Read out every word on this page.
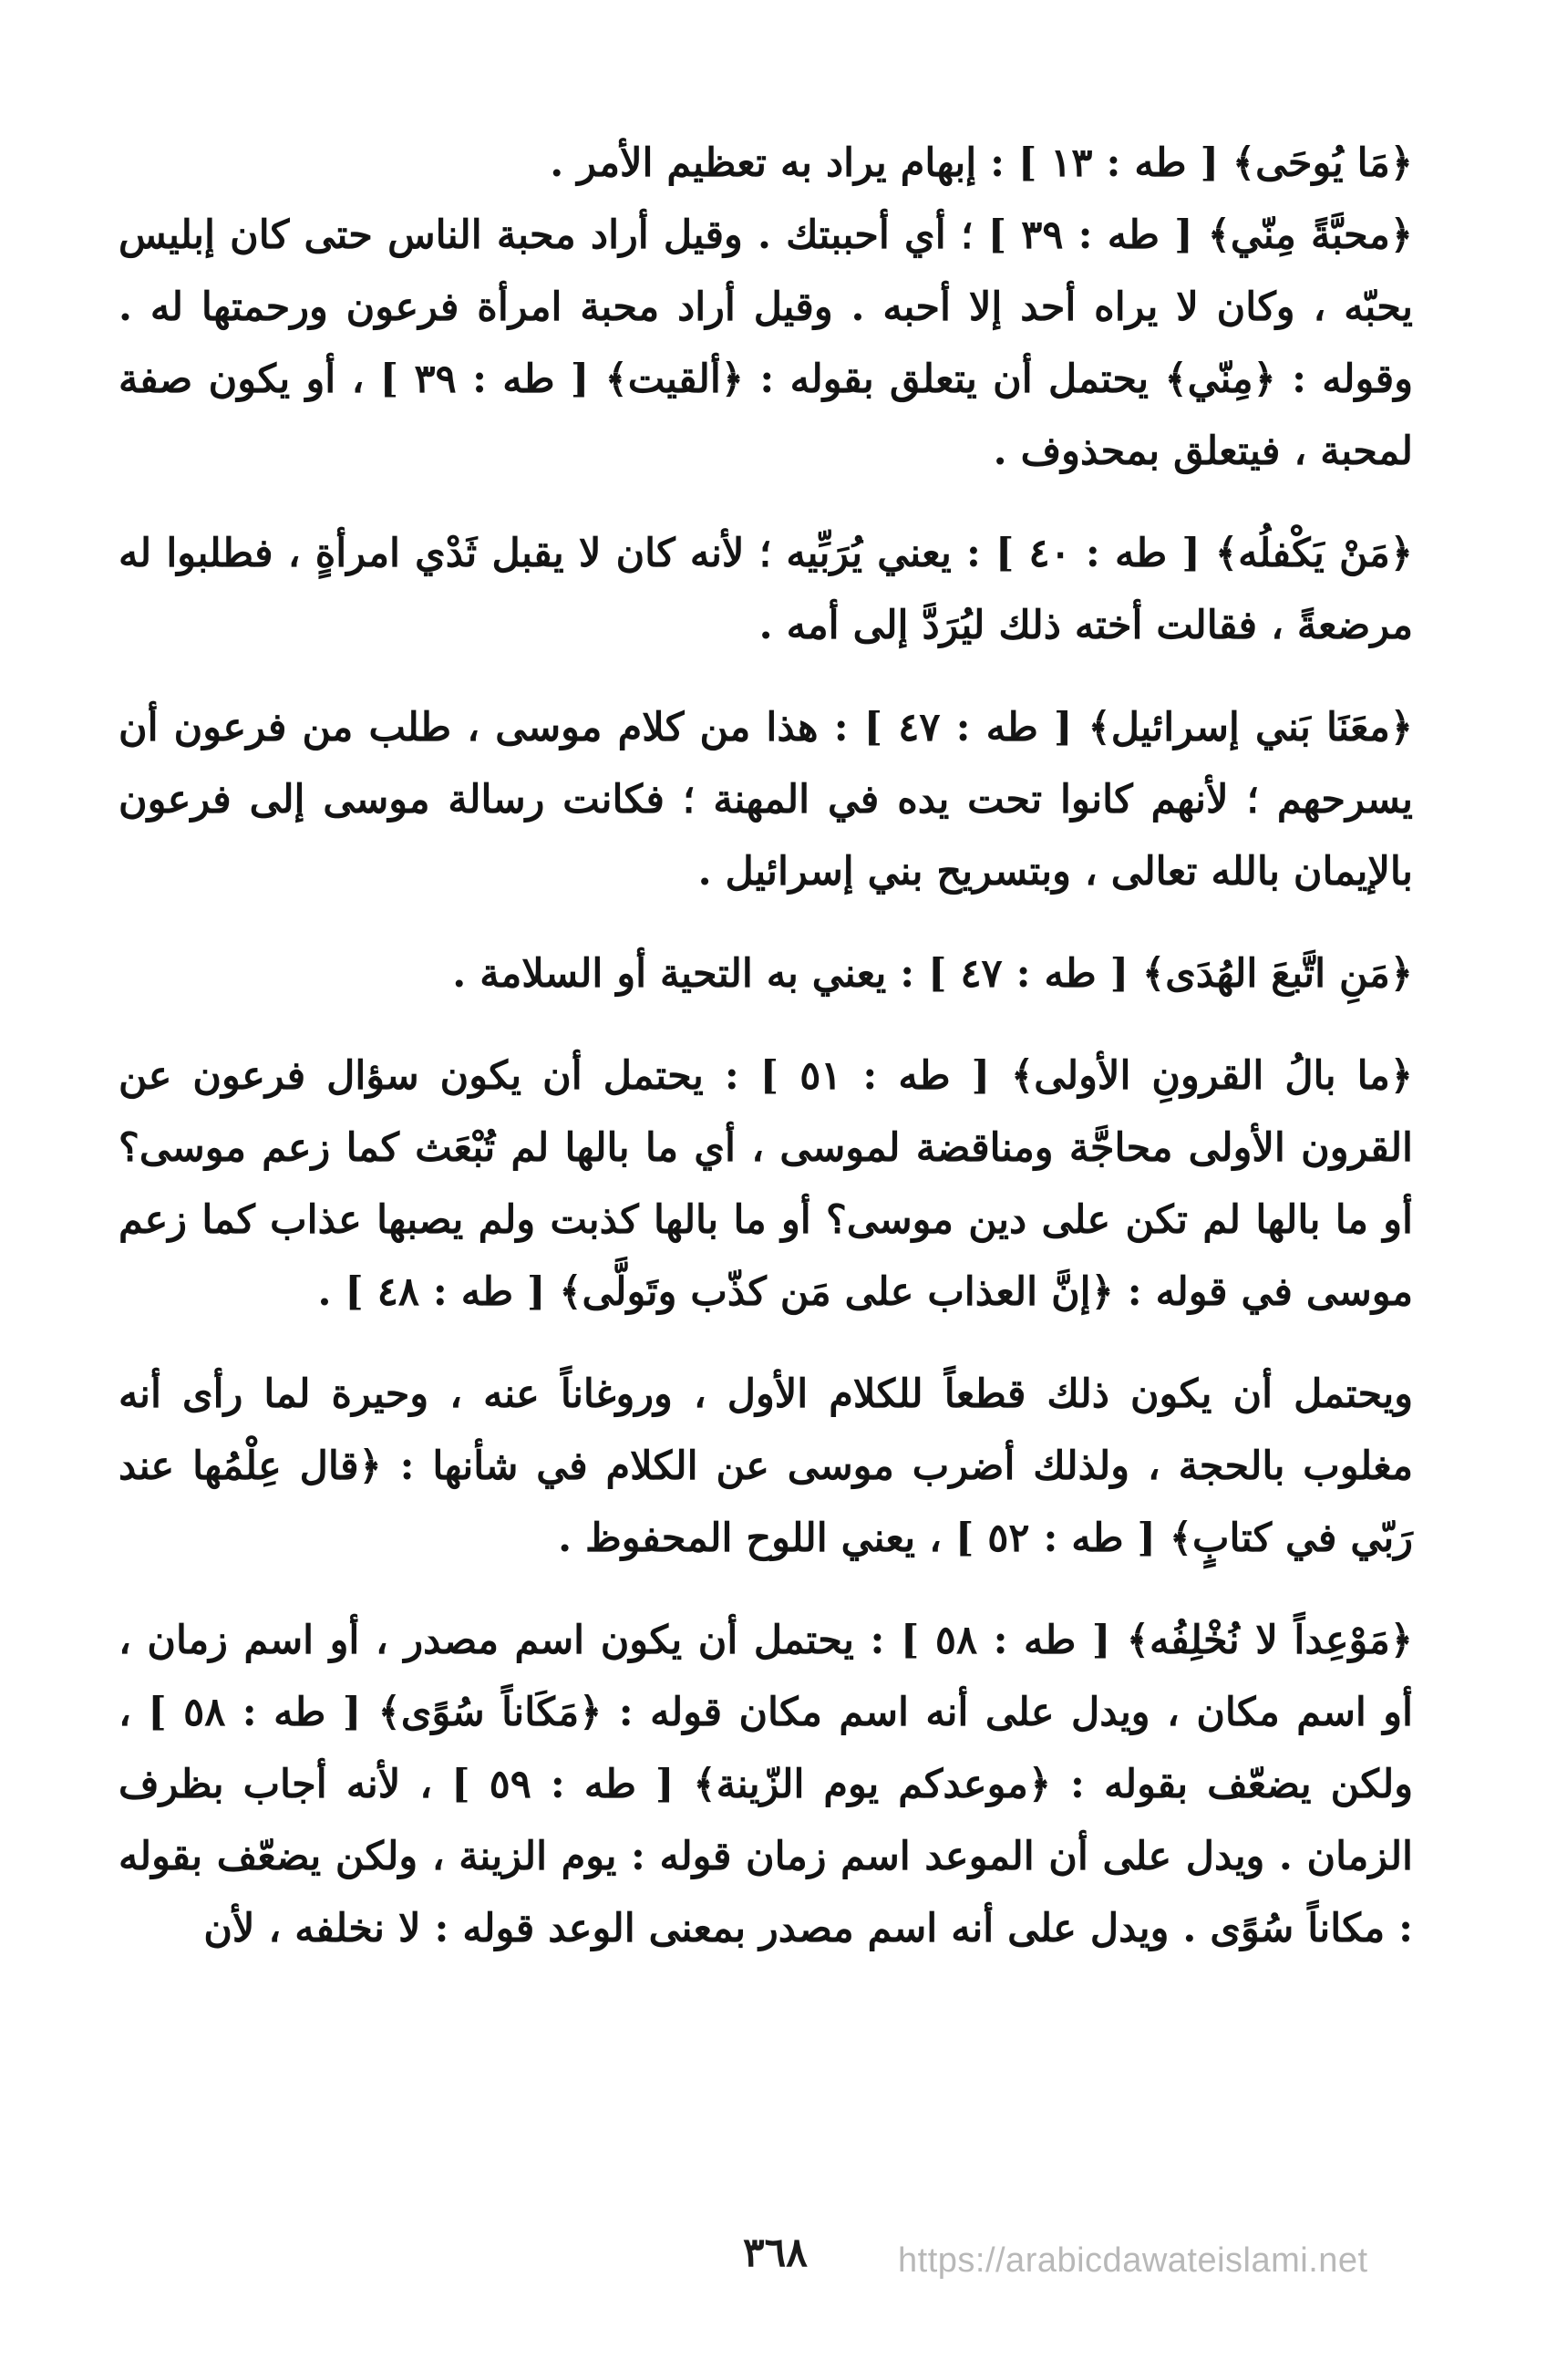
﴿مَا يُوحَى﴾ [ طه : ١٣ ] : إبهام يراد به تعظيم الأمر .

﴿محبَّةً مِنّي﴾ [ طه : ٣٩ ] ؛ أي أحببتك . وقيل أراد محبة الناس حتى كان إبليس يحبّه ، وكان لا يراه أحد إلا أحبه . وقيل أراد محبة امرأة فرعون ورحمتها له . وقوله : ﴿مِنّي﴾ يحتمل أن يتعلق بقوله : ﴿ألقيت﴾ [ طه : ٣٩ ] ، أو يكون صفة لمحبة ، فيتعلق بمحذوف .

﴿مَنْ يَكْفلُه﴾ [ طه : ٤٠ ] : يعني يُرَبِّيه ؛ لأنه كان لا يقبل ثَدْي امرأةٍ ، فطلبوا له مرضعةً ، فقالت أخته ذلك ليُرَدَّ إلى أمه .

﴿معَنَا بَني إسرائيل﴾ [ طه : ٤٧ ] : هذا من كلام موسى ، طلب من فرعون أن يسرحهم ؛ لأنهم كانوا تحت يده في المهنة ؛ فكانت رسالة موسى إلى فرعون بالإيمان بالله تعالى ، وبتسريح بني إسرائيل .

﴿مَنِ اتَّبعَ الهُدَى﴾ [ طه : ٤٧ ] : يعني به التحية أو السلامة .

﴿ما بالُ القرونِ الأولى﴾ [ طه : ٥١ ] : يحتمل أن يكون سؤال فرعون عن القرون الأولى محاجَّة ومناقضة لموسى ، أي ما بالها لم تُبْعَث كما زعم موسى؟ أو ما بالها لم تكن على دين موسى؟ أو ما بالها كذبت ولم يصبها عذاب كما زعم موسى في قوله : ﴿إنَّ العذاب على مَن كذّب وتَولَّى﴾ [ طه : ٤٨ ] .

ويحتمل أن يكون ذلك قطعاً للكلام الأول ، وروغاناً عنه ، وحيرة لما رأى أنه مغلوب بالحجة ، ولذلك أضرب موسى عن الكلام في شأنها : ﴿قال عِلْمُها عند رَبّي في كتابٍ﴾ [ طه : ٥٢ ] ، يعني اللوح المحفوظ .

﴿مَوْعِداً لا نُخْلِفُه﴾ [ طه : ٥٨ ] : يحتمل أن يكون اسم مصدر ، أو اسم زمان ، أو اسم مكان ، ويدل على أنه اسم مكان قوله : ﴿مَكَاناً سُوًى﴾ [ طه : ٥٨ ] ، ولكن يضعّف بقوله : ﴿موعدكم يوم الزّينة﴾ [ طه : ٥٩ ] ، لأنه أجاب بظرف الزمان . ويدل على أن الموعد اسم زمان قوله : يوم الزينة ، ولكن يضعّف بقوله : مكاناً سُوًى . ويدل على أنه اسم مصدر بمعنى الوعد قوله : لا نخلفه ، لأن

٣٦٨	https://arabicdawateislami.net
